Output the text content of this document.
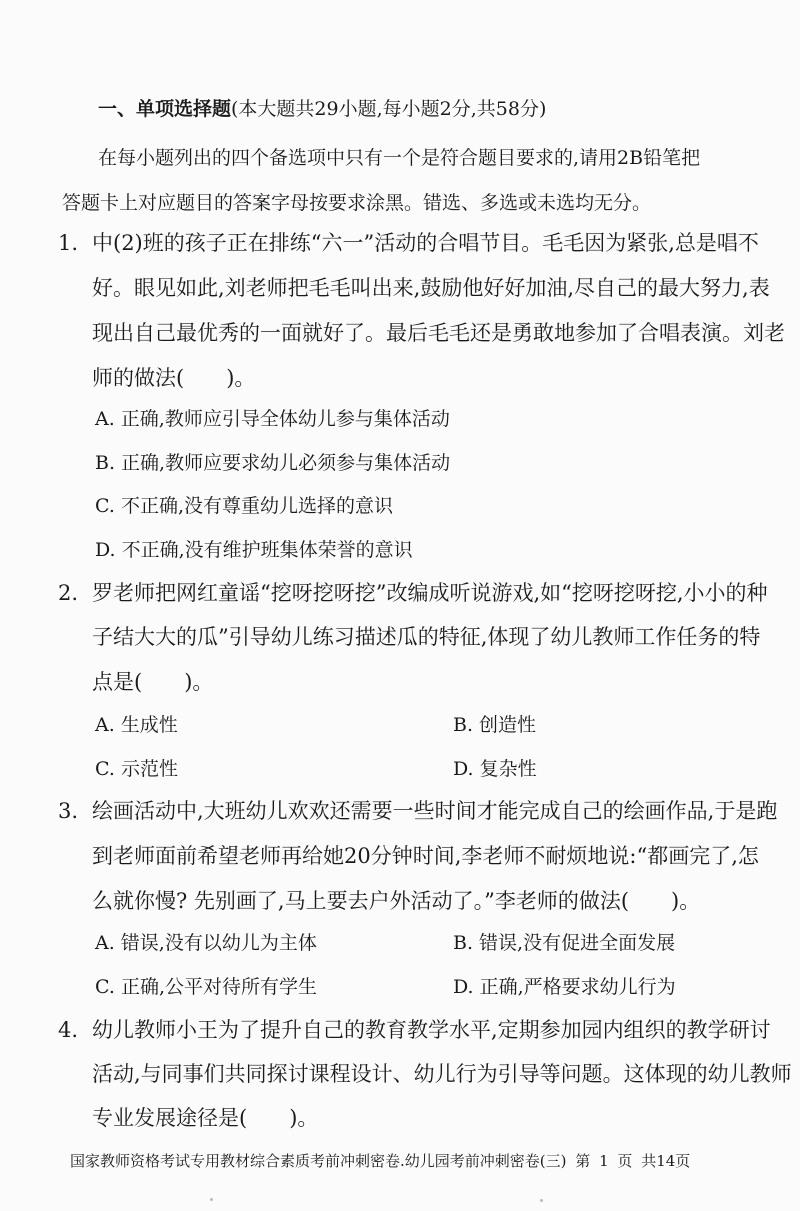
一、单项选择题(本大题共29小题,每小题2分,共58分)
在每小题列出的四个备选项中只有一个是符合题目要求的,请用2B铅笔把
答题卡上对应题目的答案字母按要求涂黑。错选、多选或未选均无分。
1. 中(2)班的孩子正在排练“六一”活动的合唱节目。毛毛因为紧张,总是唱不
好。眼见如此,刘老师把毛毛叫出来,鼓励他好好加油,尽自己的最大努力,表
现出自己最优秀的一面就好了。最后毛毛还是勇敢地参加了合唱表演。刘老
师的做法(　　)。
A. 正确,教师应引导全体幼儿参与集体活动
B. 正确,教师应要求幼儿必须参与集体活动
C. 不正确,没有尊重幼儿选择的意识
D. 不正确,没有维护班集体荣誉的意识
2. 罗老师把网红童谣“挖呀挖呀挖”改编成听说游戏,如“挖呀挖呀挖,小小的种
子结大大的瓜”引导幼儿练习描述瓜的特征,体现了幼儿教师工作任务的特
点是(　　)。
A. 生成性	B. 创造性
C. 示范性	D. 复杂性
3. 绘画活动中,大班幼儿欢欢还需要一些时间才能完成自己的绘画作品,于是跑
到老师面前希望老师再给她20分钟时间,李老师不耐烦地说:“都画完了,怎
么就你慢? 先别画了,马上要去户外活动了。”李老师的做法(　　)。
A. 错误,没有以幼儿为主体	B. 错误,没有促进全面发展
C. 正确,公平对待所有学生	D. 正确,严格要求幼儿行为
4. 幼儿教师小王为了提升自己的教育教学水平,定期参加园内组织的教学研讨
活动,与同事们共同探讨课程设计、幼儿行为引导等问题。这体现的幼儿教师
专业发展途径是(　　)。
国家教师资格考试专用教材综合素质考前冲刺密卷.幼儿园考前冲刺密卷(三) 第 1 页 共14页
